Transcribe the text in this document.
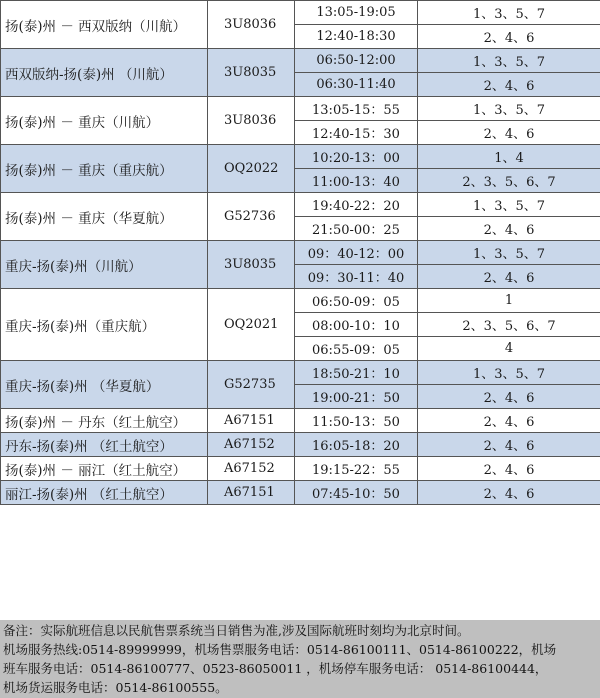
扬(泰)州 － 西双版纳（川航）	3U8036	13:05-19:05	1、3、5、7
		12:40-18:30	2、4、6
西双版纳-扬(泰)州 （川航）	3U8035	06:50-12:00	1、3、5、7
		06:30-11:40	2、4、6
扬(泰)州 － 重庆（川航）	3U8036	13:05-15：55	1、3、5、7
		12:40-15：30	2、4、6
扬(泰)州 － 重庆（重庆航）	OQ2022	10:20-13：00	1、4
		11:00-13：40	2、3、5、6、7
扬(泰)州 － 重庆（华夏航）	G52736	19:40-22：20	1、3、5、7
		21:50-00：25	2、4、6
重庆-扬(泰)州（川航）	3U8035	09：40-12：00	1、3、5、7
		09：30-11：40	2、4、6
重庆-扬(泰)州（重庆航）	OQ2021	06:50-09：05	1
		08:00-10：10	2、3、5、6、7
		06:55-09：05	4
重庆-扬(泰)州 （华夏航）	G52735	18:50-21：10	1、3、5、7
		19:00-21：50	2、4、6
扬(泰)州 － 丹东（红土航空）	A67151	11:50-13：50	2、4、6
丹东-扬(泰)州 （红土航空）	A67152	16:05-18：20	2、4、6
扬(泰)州 － 丽江（红土航空）	A67152	19:15-22：55	2、4、6
丽江-扬(泰)州 （红土航空）	A67151	07:45-10：50	2、4、6
备注：实际航班信息以民航售票系统当日销售为准,涉及国际航班时刻均为北京时间。
机场服务热线:0514-89999999，机场售票服务电话：0514-86100111、0514-86100222，机场
班车服务电话：0514-86100777、0523-86050011 ，机场停车服务电话： 0514-86100444，
机场货运服务电话：0514-86100555。
